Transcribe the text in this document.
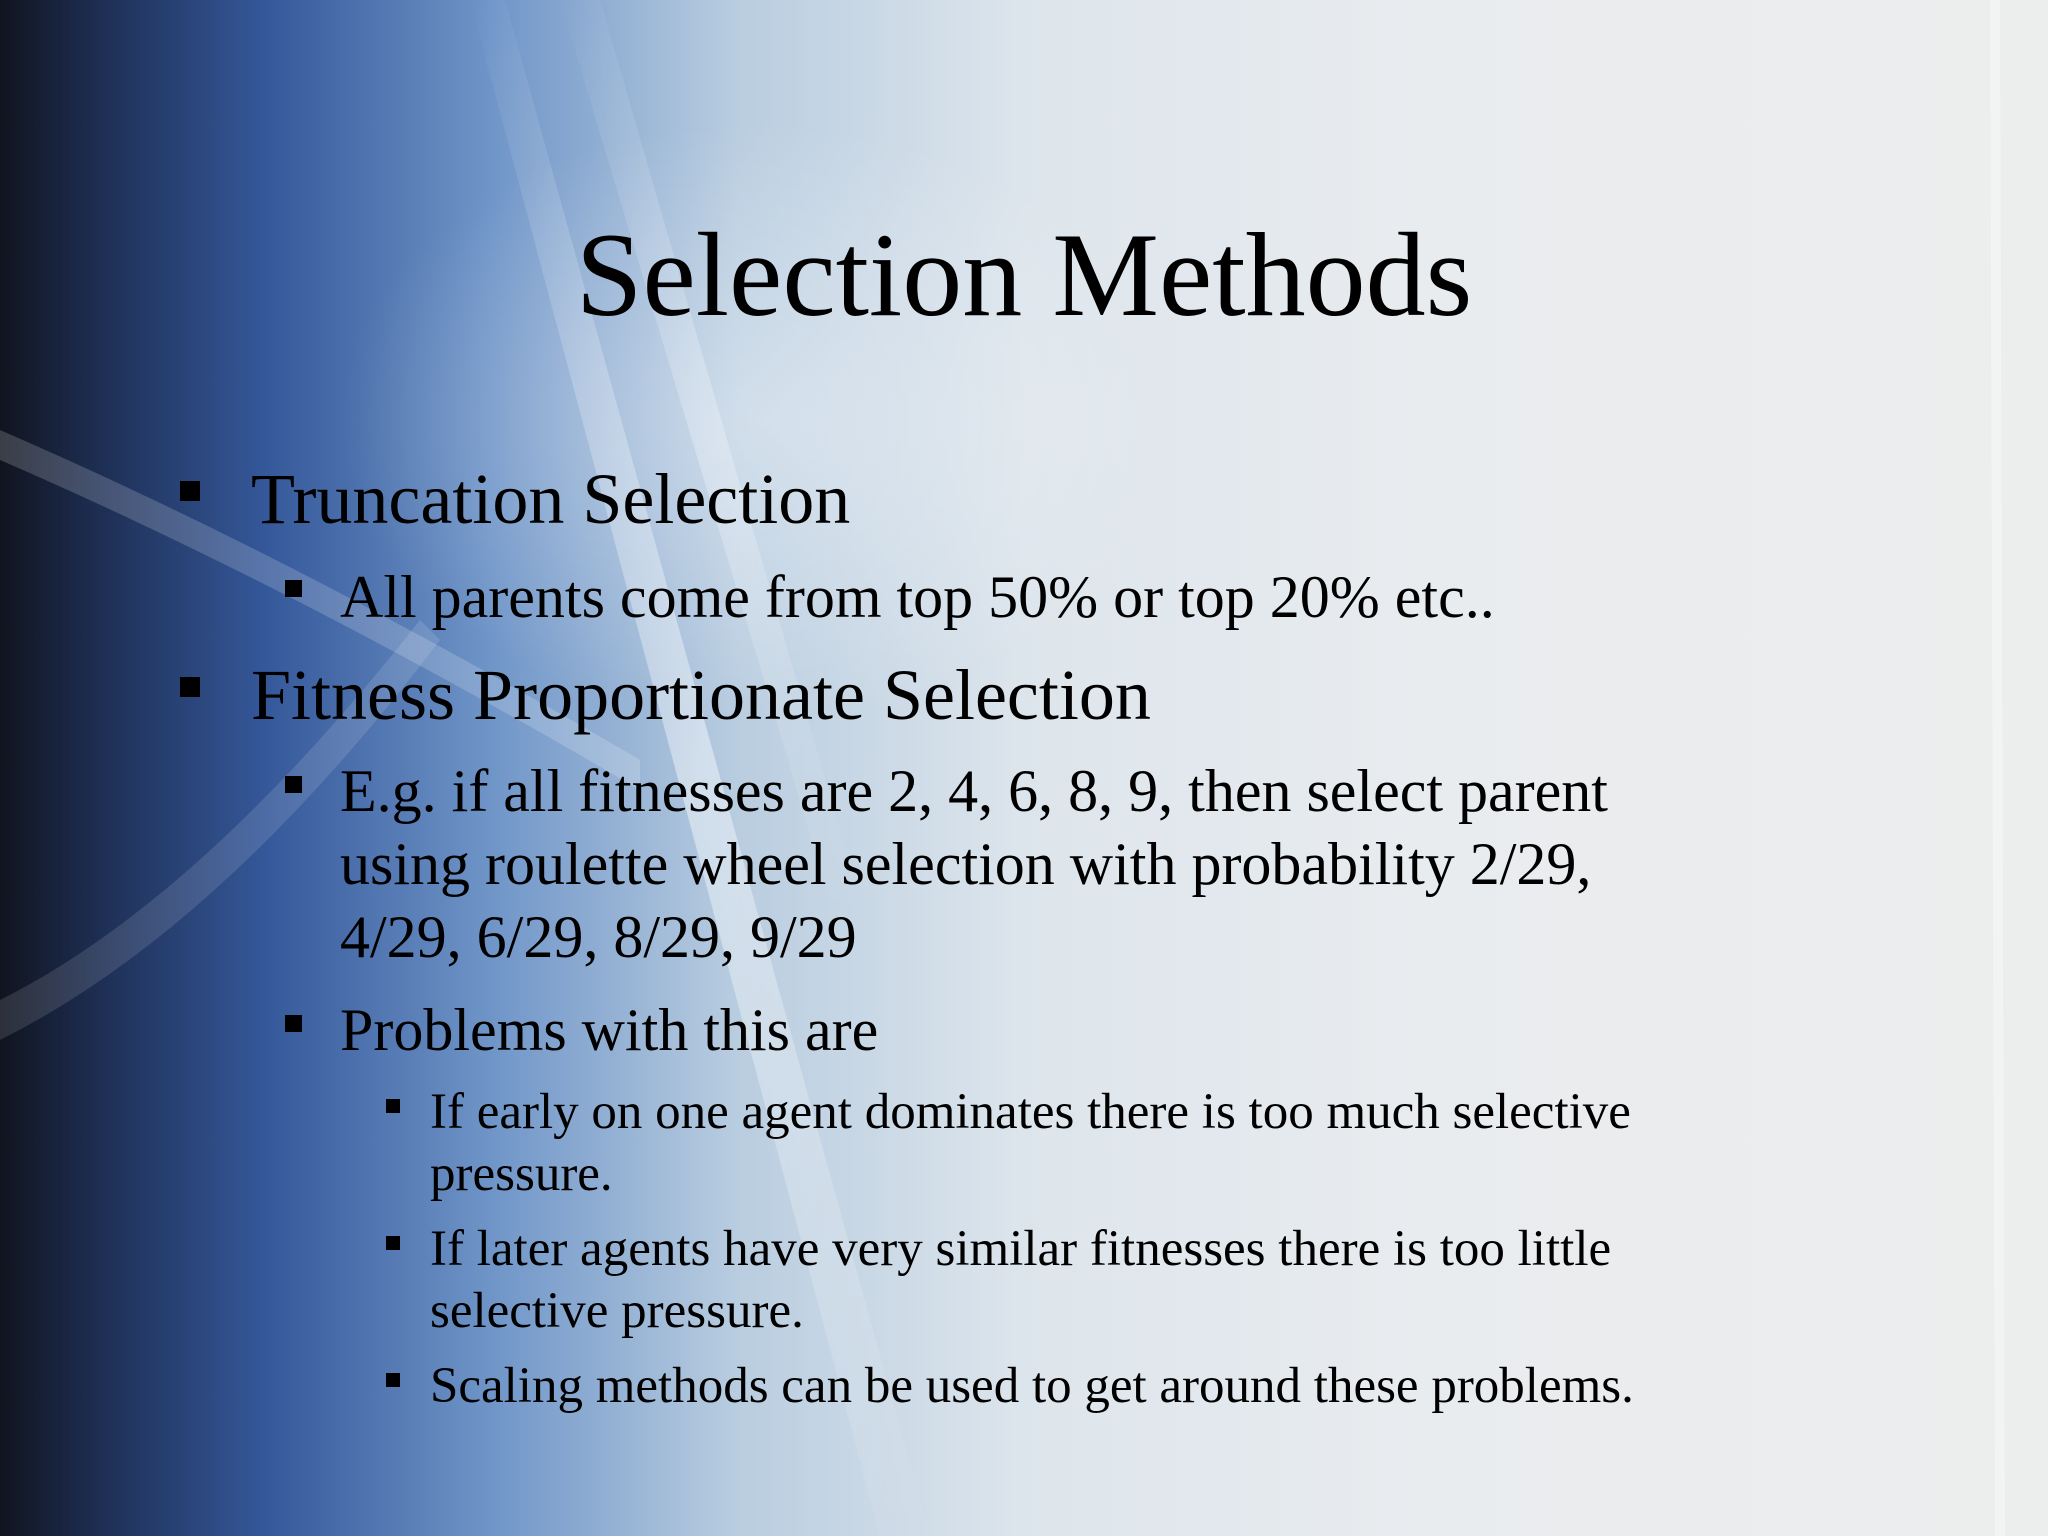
Selection Methods
Truncation Selection
All parents come from top 50% or top 20% etc..
Fitness Proportionate Selection
E.g. if all fitnesses are 2, 4, 6, 8, 9, then select parent
using roulette wheel selection with probability 2/29,
4/29, 6/29, 8/29, 9/29
Problems with this are
If early on one agent dominates there is too much selective
pressure.
If later agents have very similar fitnesses there is too little
selective pressure.
Scaling methods can be used to get around these problems.
